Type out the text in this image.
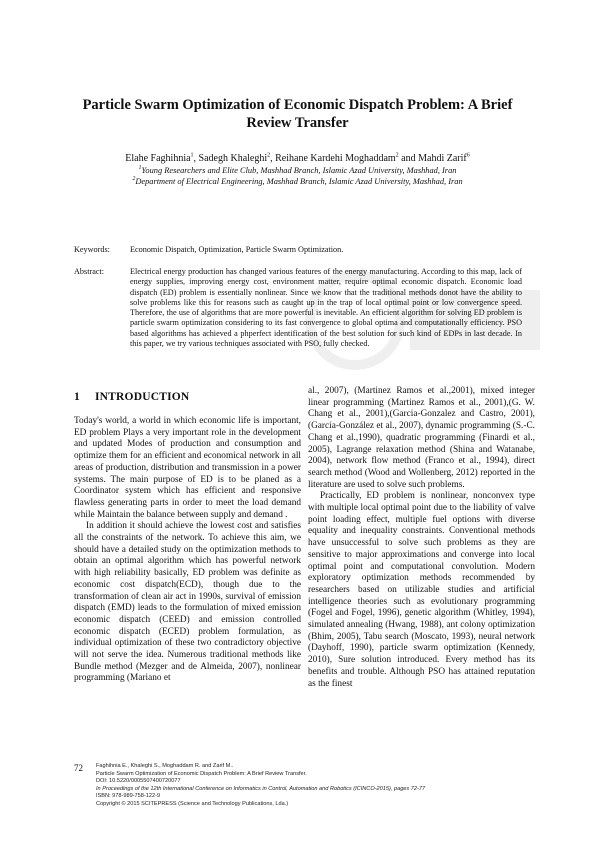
Particle Swarm Optimization of Economic Dispatch Problem: A Brief
Review Transfer
Elahe Faghihnia$^1$, Sadegh Khaleghi$^2$, Reihane Kardehi Moghaddam$^2$ and Mahdi Zarif$^6$
$^1$Young Researchers and Elite Club, Mashhad Branch, Islamic Azad University, Mashhad, Iran
$^2$Department of Electrical Engineering, Mashhad Branch, Islamic Azad University, Mashhad, Iran
Keywords: Economic Dispatch, Optimization, Particle Swarm Optimization.
Abstract:	Electrical energy production has changed various features of the energy manufacturing. According to this map, lack of energy supplies, improving energy cost, environment matter, require optimal economic dispatch. Economic load dispatch (ED) problem is essentially nonlinear. Since we know that the traditional methods donot have the ability to solve problems like this for reasons such as caught up in the trap of local optimal point or low convergence speed. Therefore, the use of algorithms that are more powerful is inevitable. An efficient algorithm for solving ED problem is particle swarm optimization considering to its fast convergence to global optima and computationally efficiency. PSO based algorithms has achieved a phperfect identification of the best solution for such kind of EDPs in last decade. In this paper, we try various techniques associated with PSO, fully checked.
1 INTRODUCTION

Today's world, a world in which economic life is important, ED problem Plays a very important role in the development and updated Modes of production and consumption and optimize them for an efficient and economical network in all areas of production, distribution and transmission in a power systems. The main purpose of ED is to be planed as a Coordinator system which has efficient and responsive flawless generating parts in order to meet the load demand while Maintain the balance between supply and demand .

In addition it should achieve the lowest cost and satisfies all the constraints of the network. To achieve this aim, we should have a detailed study on the optimization methods to obtain an optimal algorithm which has powerful network with high reliability basically, ED problem was definite as economic cost dispatch(ECD), though due to the transformation of clean air act in 1990s, survival of emission dispatch (EMD) leads to the formulation of mixed emission economic dispatch (CEED) and emission controlled economic dispatch (ECED) problem formulation, as individual optimization of these two contradictory objective will not serve the idea. Numerous traditional methods like Bundle method (Mezger and de Almeida, 2007), nonlinear programming (Mariano et

al., 2007), (Martinez Ramos et al.,2001), mixed integer linear programming (Martinez Ramos et al., 2001),(G. W. Chang et al., 2001),(Garcia-Gonzalez and Castro, 2001), (García-González et al., 2007), dynamic programming (S.-C. Chang et al.,1990), quadratic programming (Finardi et al., 2005), Lagrange relaxation method (Shina and Watanabe, 2004), network flow method (Franco et al., 1994), direct search method (Wood and Wollenberg, 2012) reported in the literature are used to solve such problems.

Practically, ED problem is nonlinear, nonconvex type with multiple local optimal point due to the liability of valve point loading effect, multiple fuel options with diverse equality and inequality constraints. Conventional methods have unsuccessful to solve such problems as they are sensitive to major approximations and converge into local optimal point and computational convolution. Modern exploratory optimization methods recommended by researchers based on utilizable studies and artificial intelligence theories such as evolutionary programming (Fogel and Fogel, 1996), genetic algorithm (Whitley, 1994), simulated annealing (Hwang, 1988), ant colony optimization (Bhim, 2005), Tabu search (Moscato, 1993), neural network (Dayhoff, 1990), particle swarm optimization (Kennedy, 2010), Sure solution introduced. Every method has its benefits and trouble. Although PSO has attained reputation as the finest

72 Faghihnia E., Khaleghi S., Moghaddam R. and Zarif M..
Particle Swarm Optimization of Economic Dispatch Problem: A Brief Review Transfer.
DOI: 10.5220/0005507400720077
In Proceedings of the 12th International Conference on Informatics in Control, Automation and Robotics (ICINCO-2015), pages 72-77
ISBN: 978-989-758-122-9
Copyright © 2015 SCITEPRESS (Science and Technology Publications, Lda.)
